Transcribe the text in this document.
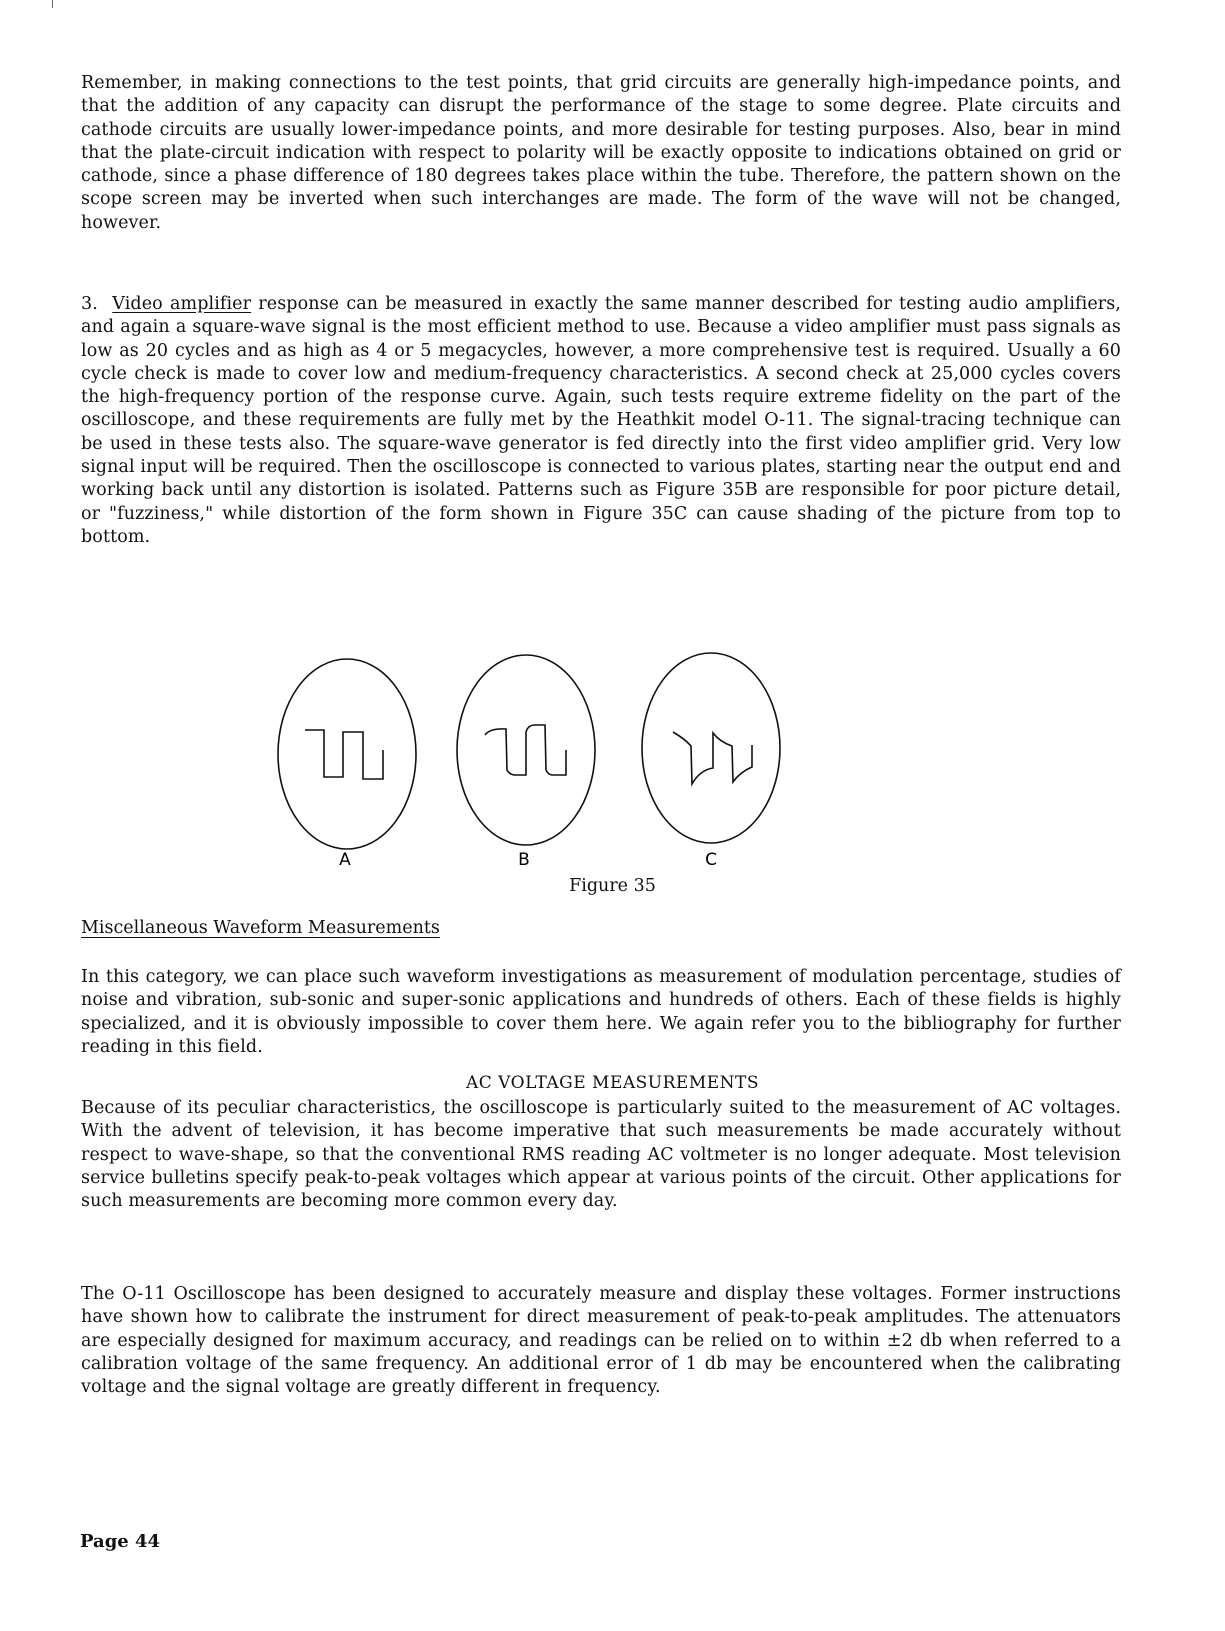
Remember, in making connections to the test points, that grid circuits are generally high-impedance points, and that the addition of any capacity can disrupt the performance of the stage to some degree. Plate circuits and cathode circuits are usually lower-impedance points, and more desirable for testing purposes. Also, bear in mind that the plate-circuit indication with respect to polarity will be exactly opposite to indications obtained on grid or cathode, since a phase difference of 180 degrees takes place within the tube. Therefore, the pattern shown on the scope screen may be inverted when such interchanges are made. The form of the wave will not be changed, however.

3. Video amplifier response can be measured in exactly the same manner described for testing audio amplifiers, and again a square-wave signal is the most efficient method to use. Because a video amplifier must pass signals as low as 20 cycles and as high as 4 or 5 megacycles, however, a more comprehensive test is required. Usually a 60 cycle check is made to cover low and medium-frequency characteristics. A second check at 25,000 cycles covers the high-frequency portion of the response curve. Again, such tests require extreme fidelity on the part of the oscilloscope, and these requirements are fully met by the Heathkit model O-11. The signal-tracing technique can be used in these tests also. The square-wave generator is fed directly into the first video amplifier grid. Very low signal input will be required. Then the oscilloscope is connected to various plates, starting near the output end and working back until any distortion is isolated. Patterns such as Figure 35B are responsible for poor picture detail, or "fuzziness," while distortion of the form shown in Figure 35C can cause shading of the picture from top to bottom.

A	B	C
Figure 35
Miscellaneous Waveform Measurements

In this category, we can place such waveform investigations as measurement of modulation percentage, studies of noise and vibration, sub-sonic and super-sonic applications and hundreds of others. Each of these fields is highly specialized, and it is obviously impossible to cover them here. We again refer you to the bibliography for further reading in this field.

AC VOLTAGE MEASUREMENTS

Because of its peculiar characteristics, the oscilloscope is particularly suited to the measurement of AC voltages. With the advent of television, it has become imperative that such measurements be made accurately without respect to wave-shape, so that the conventional RMS reading AC voltmeter is no longer adequate. Most television service bulletins specify peak-to-peak voltages which appear at various points of the circuit. Other applications for such measurements are becoming more common every day.

The O-11 Oscilloscope has been designed to accurately measure and display these voltages. Former instructions have shown how to calibrate the instrument for direct measurement of peak-to-peak amplitudes. The attenuators are especially designed for maximum accuracy, and readings can be relied on to within ±2 db when referred to a calibration voltage of the same frequency. An additional error of 1 db may be encountered when the calibrating voltage and the signal voltage are greatly different in frequency.

Page 44
